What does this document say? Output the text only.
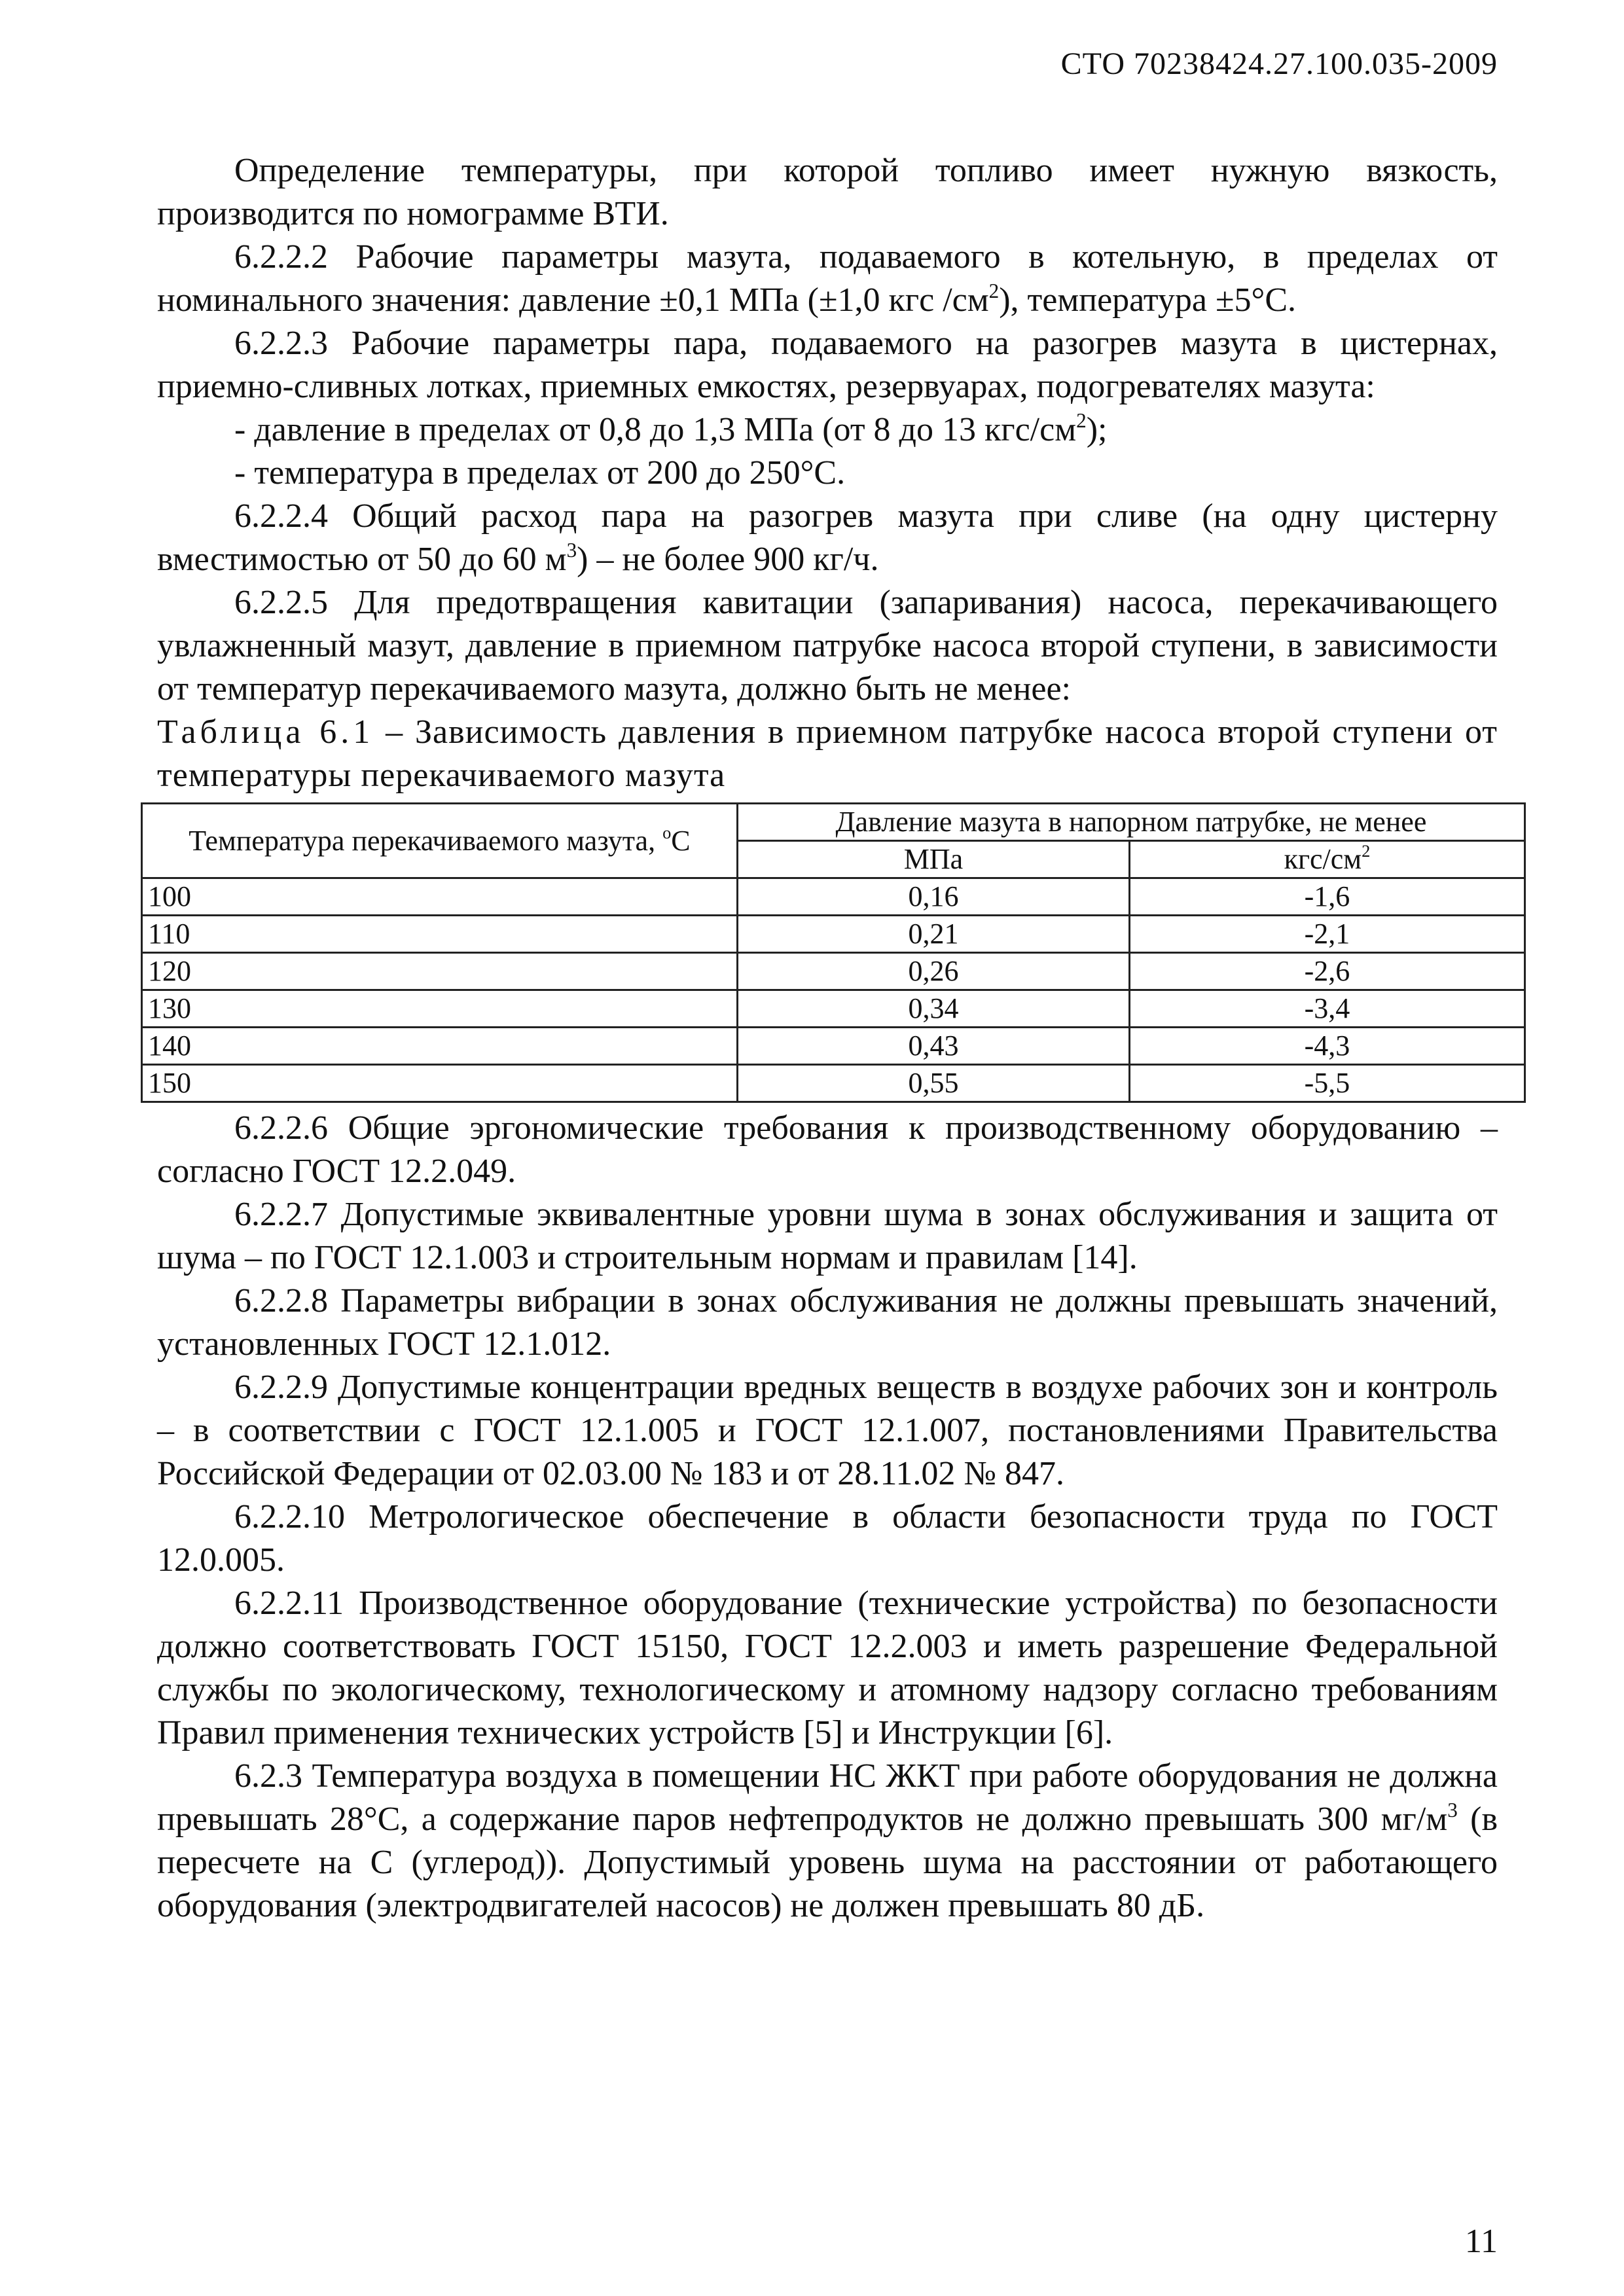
СТО 70238424.27.100.035-2009

Определение температуры, при которой топливо имеет нужную вязкость, производится по номограмме ВТИ.

6.2.2.2 Рабочие параметры мазута, подаваемого в котельную, в пределах от номинального значения: давление ±0,1 МПа (±1,0 кгс $/см^2$), температура ±5°С.

6.2.2.3 Рабочие параметры пара, подаваемого на разогрев мазута в цистернах, приемно-сливных лотках, приемных емкостях, резервуарах, подогревателях мазута:

- давление в пределах от 0,8 до 1,3 МПа (от 8 до 13 кгс/$см^2$);

- температура в пределах от 200 до 250°С.

6.2.2.4 Общий расход пара на разогрев мазута при сливе (на одну цистерну вместимостью от 50 до 60 $м^3$) – не более 900 кг/ч.

6.2.2.5 Для предотвращения кавитации (запаривания) насоса, перекачивающего увлажненный мазут, давление в приемном патрубке насоса второй ступени, в зависимости от температур перекачиваемого мазута, должно быть не менее:

Таблица 6.1 – Зависимость давления в приемном патрубке насоса второй ступени от температуры перекачиваемого мазута

Температура перекачиваемого мазута, $^о$С	Давление мазута в напорном патрубке, не менее	
	МПа	кгс/$см^2$
100	0,16	-1,6
110	0,21	-2,1
120	0,26	-2,6
130	0,34	-3,4
140	0,43	-4,3
150	0,55	-5,5

6.2.2.6 Общие эргономические требования к производственному оборудованию – согласно ГОСТ 12.2.049.

6.2.2.7 Допустимые эквивалентные уровни шума в зонах обслуживания и защита от шума – по ГОСТ 12.1.003 и строительным нормам и правилам [14].

6.2.2.8 Параметры вибрации в зонах обслуживания не должны превышать значений, установленных ГОСТ 12.1.012.

6.2.2.9 Допустимые концентрации вредных веществ в воздухе рабочих зон и контроль – в соответствии с ГОСТ 12.1.005 и ГОСТ 12.1.007, постановлениями Правительства Российской Федерации от 02.03.00 № 183 и от 28.11.02 № 847.

6.2.2.10 Метрологическое обеспечение в области безопасности труда по ГОСТ 12.0.005.

6.2.2.11 Производственное оборудование (технические устройства) по безопасности должно соответствовать ГОСТ 15150, ГОСТ 12.2.003 и иметь разрешение Федеральной службы по экологическому, технологическому и атомному надзору согласно требованиям Правил применения технических устройств [5] и Инструкции [6].

6.2.3 Температура воздуха в помещении НС ЖКТ при работе оборудования не должна превышать 28°С, а содержание паров нефтепродуктов не должно превышать 300 $мг/м^3$ (в пересчете на С (углерод)). Допустимый уровень шума на расстоянии от работающего оборудования (электродвигателей насосов) не должен превышать 80 дБ.

11
